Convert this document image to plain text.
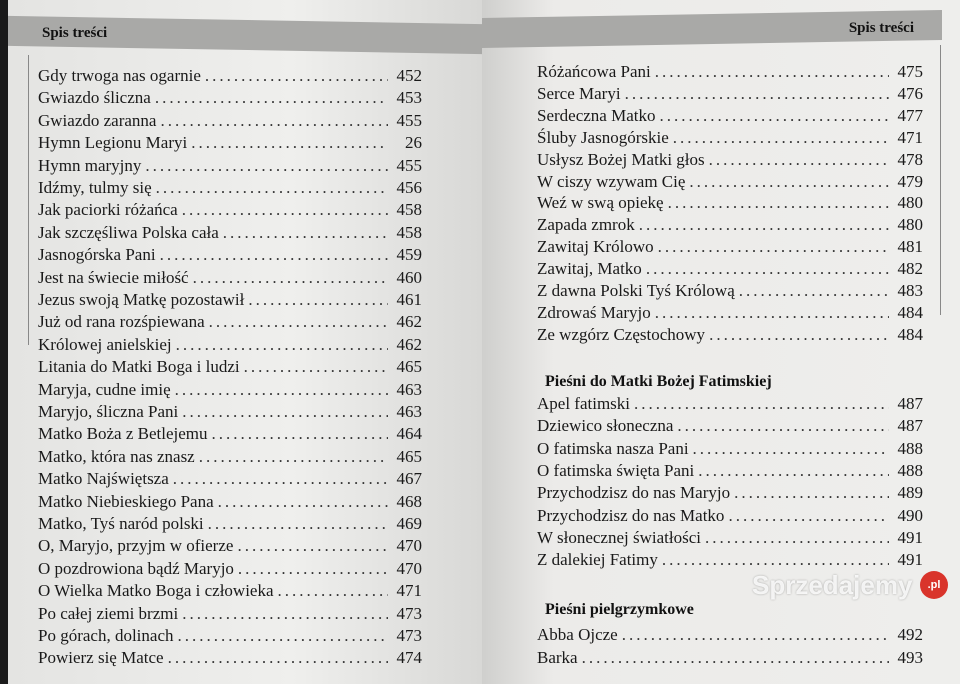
Spis treści
Gdy trwoga nas ogarnie .....	452
Gwiazdo śliczna .....	453
Gwiazdo zaranna .....	455
Hymn Legionu Maryi .....	26
Hymn maryjny .....	455
Idźmy, tulmy się .....	456
Jak paciorki różańca .....	458
Jak szczęśliwa Polska cała .....	458
Jasnogórska Pani .....	459
Jest na świecie miłość .....	460
Jezus swoją Matkę pozostawił .....	461
Już od rana rozśpiewana .....	462
Królowej anielskiej .....	462
Litania do Matki Boga i ludzi .....	465
Maryja, cudne imię .....	463
Maryjo, śliczna Pani .....	463
Matko Boża z Betlejemu .....	464
Matko, która nas znasz .....	465
Matko Najświętsza .....	467
Matko Niebieskiego Pana .....	468
Matko, Tyś naród polski .....	469
O, Maryjo, przyjm w ofierze .....	470
O pozdrowiona bądź Maryjo .....	470
O Wielka Matko Boga i człowieka .....	471
Po całej ziemi brzmi .....	473
Po górach, dolinach .....	473
Powierz się Matce .....	474
Spis treści
Różańcowa Pani .....	475
Serce Maryi .....	476
Serdeczna Matko .....	477
Śluby Jasnogórskie .....	471
Usłysz Bożej Matki głos .....	478
W ciszy wzywam Cię .....	479
Weź w swą opiekę .....	480
Zapada zmrok .....	480
Zawitaj Królowo .....	481
Zawitaj, Matko .....	482
Z dawna Polski Tyś Królową .....	483
Zdrowaś Maryjo .....	484
Ze wzgórz Częstochowy .....	484
Pieśni do Matki Bożej Fatimskiej
Apel fatimski .....	487
Dziewico słoneczna .....	487
O fatimska nasza Pani .....	488
O fatimska święta Pani .....	488
Przychodzisz do nas Maryjo .....	489
Przychodzisz do nas Matko .....	490
W słonecznej światłości .....	491
Z dalekiej Fatimy .....	491
Pieśni pielgrzymkowe
Abba Ojcze .....	492
Barka .....	493
Sprzedajemy	.pl
